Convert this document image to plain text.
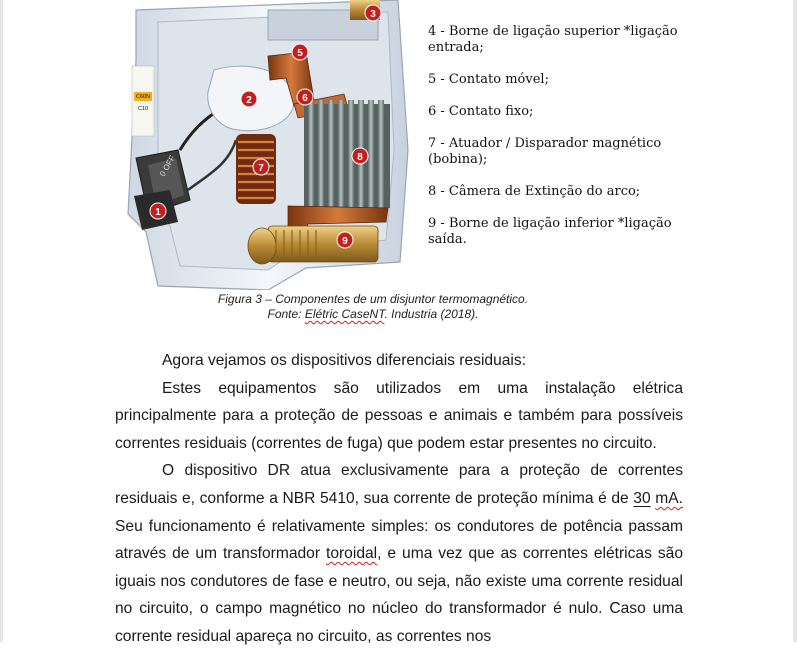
C60N
C10
0 OFF
1
2
3
5
6
7
8
9

4 - Borne de ligação superior *ligação entrada;

5 - Contato móvel;

6 - Contato fixo;

7 - Atuador / Disparador magnético (bobina);

8 - Câmera de Extinção do arco;

9 - Borne de ligação inferior *ligação saída.

Figura 3 – Componentes de um disjuntor termomagnético.
Fonte: Elétric CaseNT. Industria (2018).

Agora vejamos os dispositivos diferenciais residuais:

Estes equipamentos são utilizados em uma instalação elétrica principalmente para a proteção de pessoas e animais e também para possíveis correntes residuais (correntes de fuga) que podem estar presentes no circuito.

O dispositivo DR atua exclusivamente para a proteção de correntes residuais e, conforme a NBR 5410, sua corrente de proteção mínima é de 30 mA. Seu funcionamento é relativamente simples: os condutores de potência passam através de um transformador toroidal, e uma vez que as correntes elétricas são iguais nos condutores de fase e neutro, ou seja, não existe uma corrente residual no circuito, o campo magnético no núcleo do transformador é nulo. Caso uma corrente residual apareça no circuito, as correntes nos
